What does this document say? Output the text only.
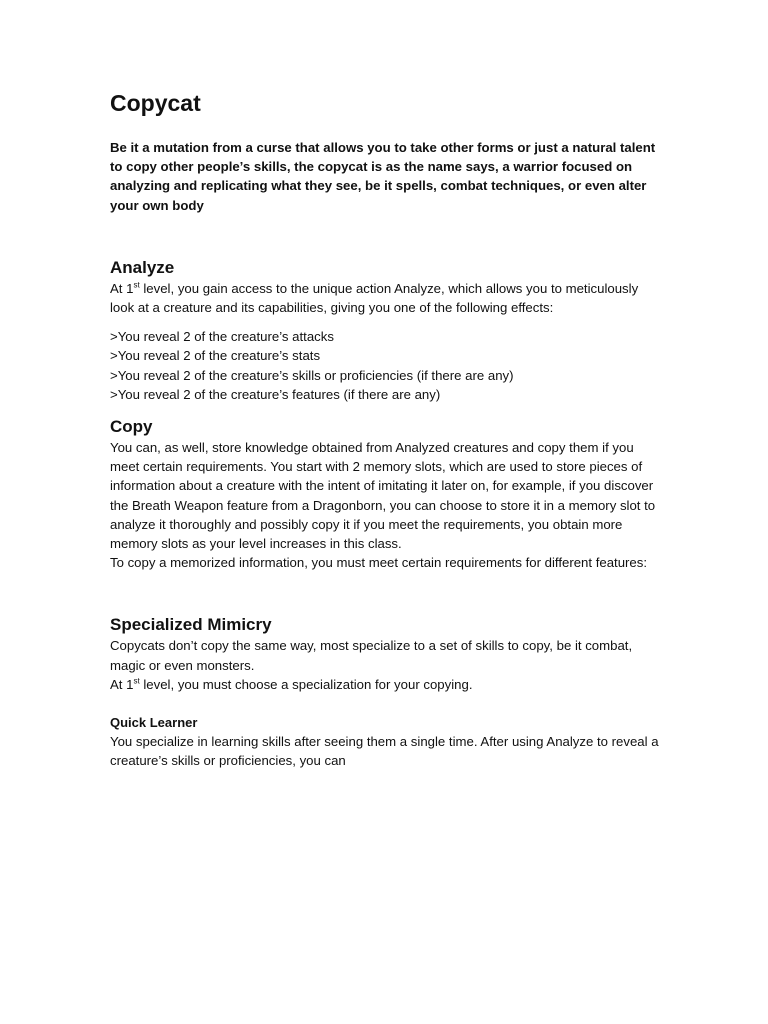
Copycat

Be it a mutation from a curse that allows you to take other forms or just a natural talent to copy other people’s skills, the copycat is as the name says, a warrior focused on analyzing and replicating what they see, be it spells, combat techniques, or even alter your own body

Analyze

At 1st level, you gain access to the unique action Analyze, which allows you to meticulously look at a creature and its capabilities, giving you one of the following effects:

>You reveal 2 of the creature’s attacks
>You reveal 2 of the creature’s stats
>You reveal 2 of the creature’s skills or proficiencies (if there are any)
>You reveal 2 of the creature’s features (if there are any)
Copy

You can, as well, store knowledge obtained from Analyzed creatures and copy them if you meet certain requirements. You start with 2 memory slots, which are used to store pieces of information about a creature with the intent of imitating it later on, for example, if you discover the Breath Weapon feature from a Dragonborn, you can choose to store it in a memory slot to analyze it thoroughly and possibly copy it if you meet the requirements, you obtain more memory slots as your level increases in this class.

To copy a memorized information, you must meet certain requirements for different features:

Specialized Mimicry

Copycats don’t copy the same way, most specialize to a set of skills to copy, be it combat, magic or even monsters.

At 1st level, you must choose a specialization for your copying.

Quick Learner

You specialize in learning skills after seeing them a single time. After using Analyze to reveal a creature’s skills or proficiencies, you can
